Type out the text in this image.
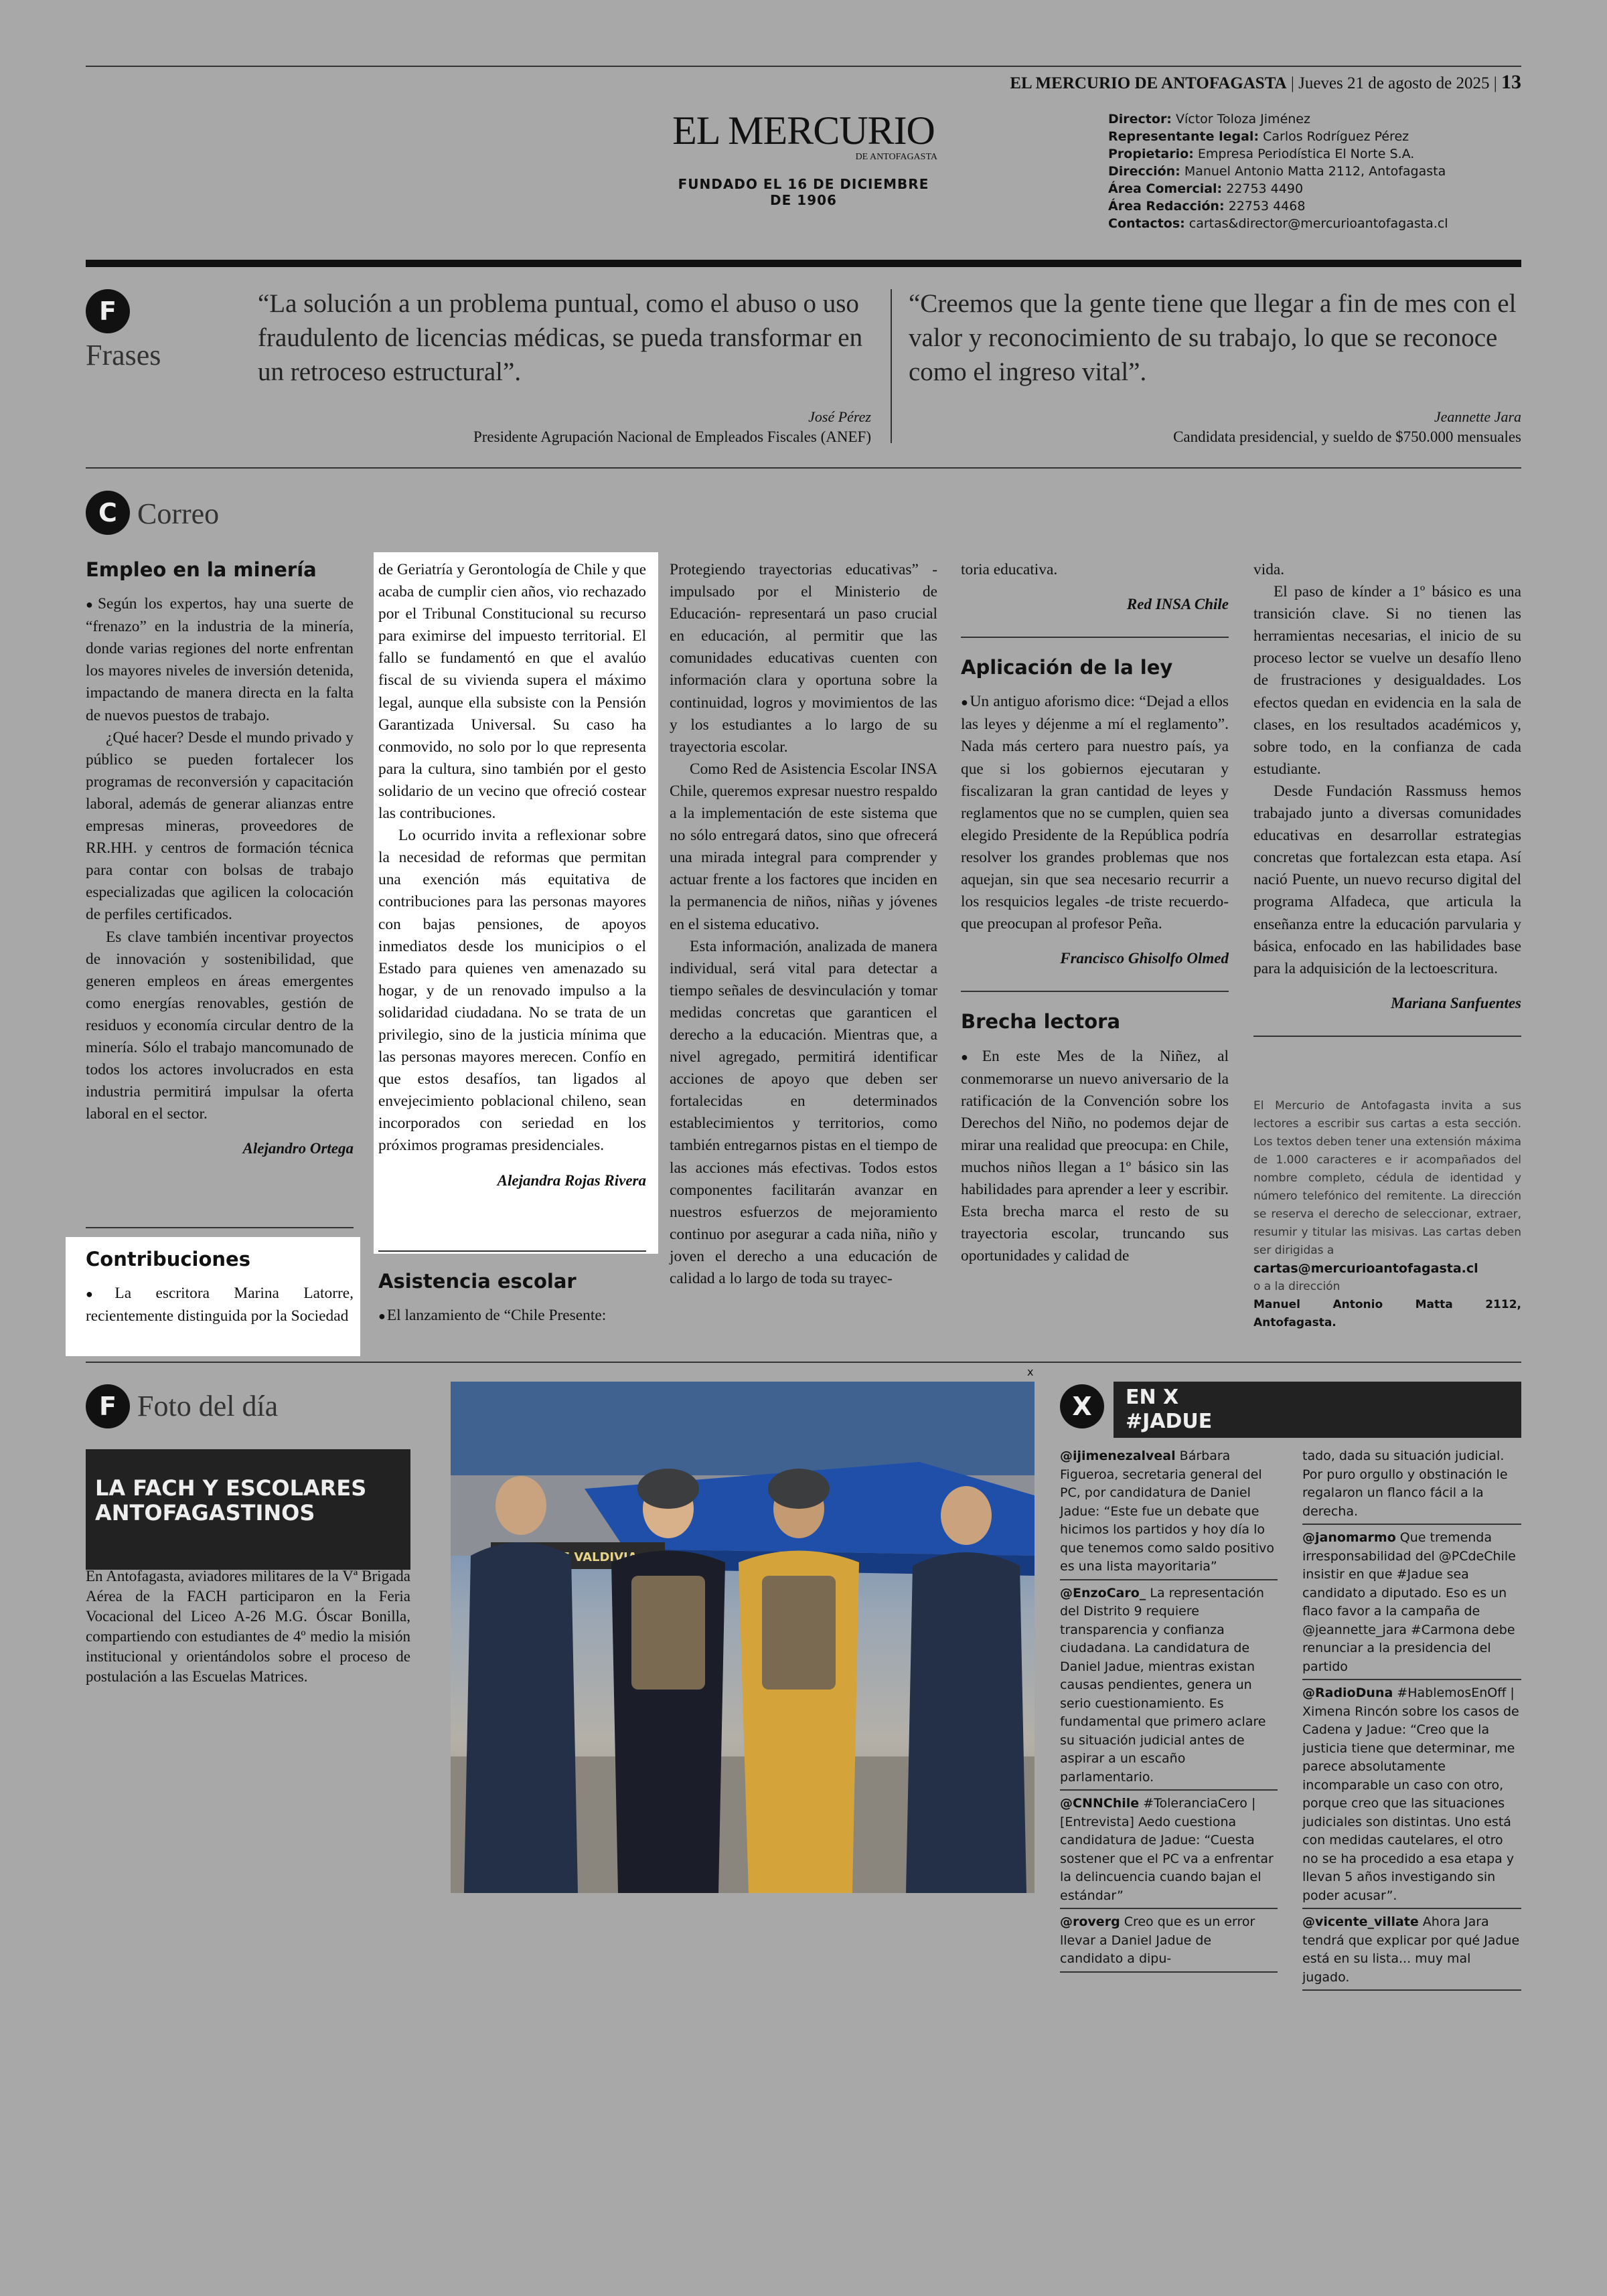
EL MERCURIO DE ANTOFAGASTA | Jueves 21 de agosto de 2025 | 13
EL MERCURIO
DE ANTOFAGASTA
FUNDADO EL 16 DE DICIEMBRE DE 1906
Director: Víctor Toloza Jiménez
Representante legal: Carlos Rodríguez Pérez
Propietario: Empresa Periodística El Norte S.A.
Dirección: Manuel Antonio Matta 2112, Antofagasta
Área Comercial: 22753 4490
Área Redacción: 22753 4468
Contactos: cartas&director@mercurioantofagasta.cl
F
Frases
“La solución a un problema puntual, como el abuso o uso fraudulento de licencias médicas, se pueda transformar en un retroceso estructural”.
José Pérez
Presidente Agrupación Nacional de Empleados Fiscales (ANEF)
“Creemos que la gente tiene que llegar a fin de mes con el valor y reconocimiento de su trabajo, lo que se reconoce como el ingreso vital”.
Jeannette Jara
Candidata presidencial, y sueldo de $750.000 mensuales
C Correo
Empleo en la minería

● Según los expertos, hay una suerte de “frenazo” en la industria de la minería, donde varias regiones del norte enfrentan los mayores niveles de inversión detenida, impactando de manera directa en la falta de nuevos puestos de trabajo.

¿Qué hacer? Desde el mundo privado y público se pueden fortalecer los programas de reconversión y capacitación laboral, además de generar alianzas entre empresas mineras, proveedores de RR.HH. y centros de formación técnica para contar con bolsas de trabajo especializadas que agilicen la colocación de perfiles certificados.

Es clave también incentivar proyectos de innovación y sostenibilidad, que generen empleos en áreas emergentes como energías renovables, gestión de residuos y economía circular dentro de la minería. Sólo el trabajo mancomunado de todos los actores involucrados en esta industria permitirá impulsar la oferta laboral en el sector.

Alejandro Ortega
Contribuciones

● La escritora Marina Latorre, recientemente distinguida por la Sociedad

de Geriatría y Gerontología de Chile y que acaba de cumplir cien años, vio rechazado por el Tribunal Constitucional su recurso para eximirse del impuesto territorial. El fallo se fundamentó en que el avalúo fiscal de su vivienda supera el máximo legal, aunque ella subsiste con la Pensión Garantizada Universal. Su caso ha conmovido, no solo por lo que representa para la cultura, sino también por el gesto solidario de un vecino que ofreció costear las contribuciones.

Lo ocurrido invita a reflexionar sobre la necesidad de reformas que permitan una exención más equitativa de contribuciones para las personas mayores con bajas pensiones, de apoyos inmediatos desde los municipios o el Estado para quienes ven amenazado su hogar, y de un renovado impulso a la solidaridad ciudadana. No se trata de un privilegio, sino de la justicia mínima que las personas mayores merecen. Confío en que estos desafíos, tan ligados al envejecimiento poblacional chileno, sean incorporados con seriedad en los próximos programas presidenciales.

Alejandra Rojas Rivera
Asistencia escolar

● El lanzamiento de “Chile Presente:

Protegiendo trayectorias educativas” -impulsado por el Ministerio de Educación- representará un paso crucial en educación, al permitir que las comunidades educativas cuenten con información clara y oportuna sobre la continuidad, logros y movimientos de las y los estudiantes a lo largo de su trayectoria escolar.

Como Red de Asistencia Escolar INSA Chile, queremos expresar nuestro respaldo a la implementación de este sistema que no sólo entregará datos, sino que ofrecerá una mirada integral para comprender y actuar frente a los factores que inciden en la permanencia de niños, niñas y jóvenes en el sistema educativo.

Esta información, analizada de manera individual, será vital para detectar a tiempo señales de desvinculación y tomar medidas concretas que garanticen el derecho a la educación. Mientras que, a nivel agregado, permitirá identificar acciones de apoyo que deben ser fortalecidas en determinados establecimientos y territorios, como también entregarnos pistas en el tiempo de las acciones más efectivas. Todos estos componentes facilitarán avanzar en nuestros esfuerzos de mejoramiento continuo por asegurar a cada niña, niño y joven el derecho a una educación de calidad a lo largo de toda su trayec-

toria educativa.

Red INSA Chile
Aplicación de la ley

● Un antiguo aforismo dice: “Dejad a ellos las leyes y déjenme a mí el reglamento”. Nada más certero para nuestro país, ya que si los gobiernos ejecutaran y fiscalizaran la gran cantidad de leyes y reglamentos que no se cumplen, quien sea elegido Presidente de la República podría resolver los grandes problemas que nos aquejan, sin que sea necesario recurrir a los resquicios legales -de triste recuerdo- que preocupan al profesor Peña.

Francisco Ghisolfo Olmed
Brecha lectora

● En este Mes de la Niñez, al conmemorarse un nuevo aniversario de la ratificación de la Convención sobre los Derechos del Niño, no podemos dejar de mirar una realidad que preocupa: en Chile, muchos niños llegan a 1º básico sin las habilidades para aprender a leer y escribir. Esta brecha marca el resto de su trayectoria escolar, truncando sus oportunidades y calidad de

vida.

El paso de kínder a 1º básico es una transición clave. Si no tienen las herramientas necesarias, el inicio de su proceso lector se vuelve un desafío lleno de frustraciones y desigualdades. Los efectos quedan en evidencia en la sala de clases, en los resultados académicos y, sobre todo, en la confianza de cada estudiante.

Desde Fundación Rassmuss hemos trabajado junto a diversas comunidades educativas en desarrollar estrategias concretas que fortalezcan esta etapa. Así nació Puente, un nuevo recurso digital del programa Alfadeca, que articula la enseñanza entre la educación parvularia y básica, enfocado en las habilidades base para la adquisición de la lectoescritura.

Mariana Sanfuentes
El Mercurio de Antofagasta invita a sus lectores a escribir sus cartas a esta sección. Los textos deben tener una extensión máxima de 1.000 caracteres e ir acompañados del nombre completo, cédula de identidad y número telefónico del remitente. La dirección se reserva el derecho de seleccionar, extraer, resumir y titular las misivas. Las cartas deben ser dirigidas a
cartas@mercurioantofagasta.cl
o a la dirección
Manuel Antonio Matta 2112, Antofagasta.
F Foto del día
LA FACH Y ESCOLARES ANTOFAGASTINOS
En Antofagasta, aviadores militares de la Vª Brigada Aérea de la FACH participaron en la Feria Vocacional del Liceo A-26 M.G. Óscar Bonilla, compartiendo con estudiantes de 4º medio la misión institucional y orientándolos sobre el proceso de postulación a las Escuelas Matrices.
x
VALDIVIA
X	EN X
#JADUE
@ijimenezalveal Bárbara Figueroa, secretaria general del PC, por candidatura de Daniel Jadue: “Este fue un debate que hicimos los partidos y hoy día lo que tenemos como saldo positivo es una lista mayoritaria”
@EnzoCaro_ La representación del Distrito 9 requiere transparencia y confianza ciudadana. La candidatura de Daniel Jadue, mientras existan causas pendientes, genera un serio cuestionamiento. Es fundamental que primero aclare su situación judicial antes de aspirar a un escaño parlamentario.
@CNNChile #ToleranciaCero | [Entrevista] Aedo cuestiona candidatura de Jadue: “Cuesta sostener que el PC va a enfrentar la delincuencia cuando bajan el estándar”
@roverg Creo que es un error llevar a Daniel Jadue de candidato a dipu-
tado, dada su situación judicial. Por puro orgullo y obstinación le regalaron un flanco fácil a la derecha.
@janomarmo Que tremenda irresponsabilidad del @PCdeChile insistir en que #Jadue sea candidato a diputado. Eso es un flaco favor a la campaña de @jeannette_jara #Carmona debe renunciar a la presidencia del partido
@RadioDuna #HablemosEnOff | Ximena Rincón sobre los casos de Cadena y Jadue: “Creo que la justicia tiene que determinar, me parece absolutamente incomparable un caso con otro, porque creo que las situaciones judiciales son distintas. Uno está con medidas cautelares, el otro no se ha procedido a esa etapa y llevan 5 años investigando sin poder acusar”.
@vicente_villate Ahora Jara tendrá que explicar por qué Jadue está en su lista... muy mal jugado.
